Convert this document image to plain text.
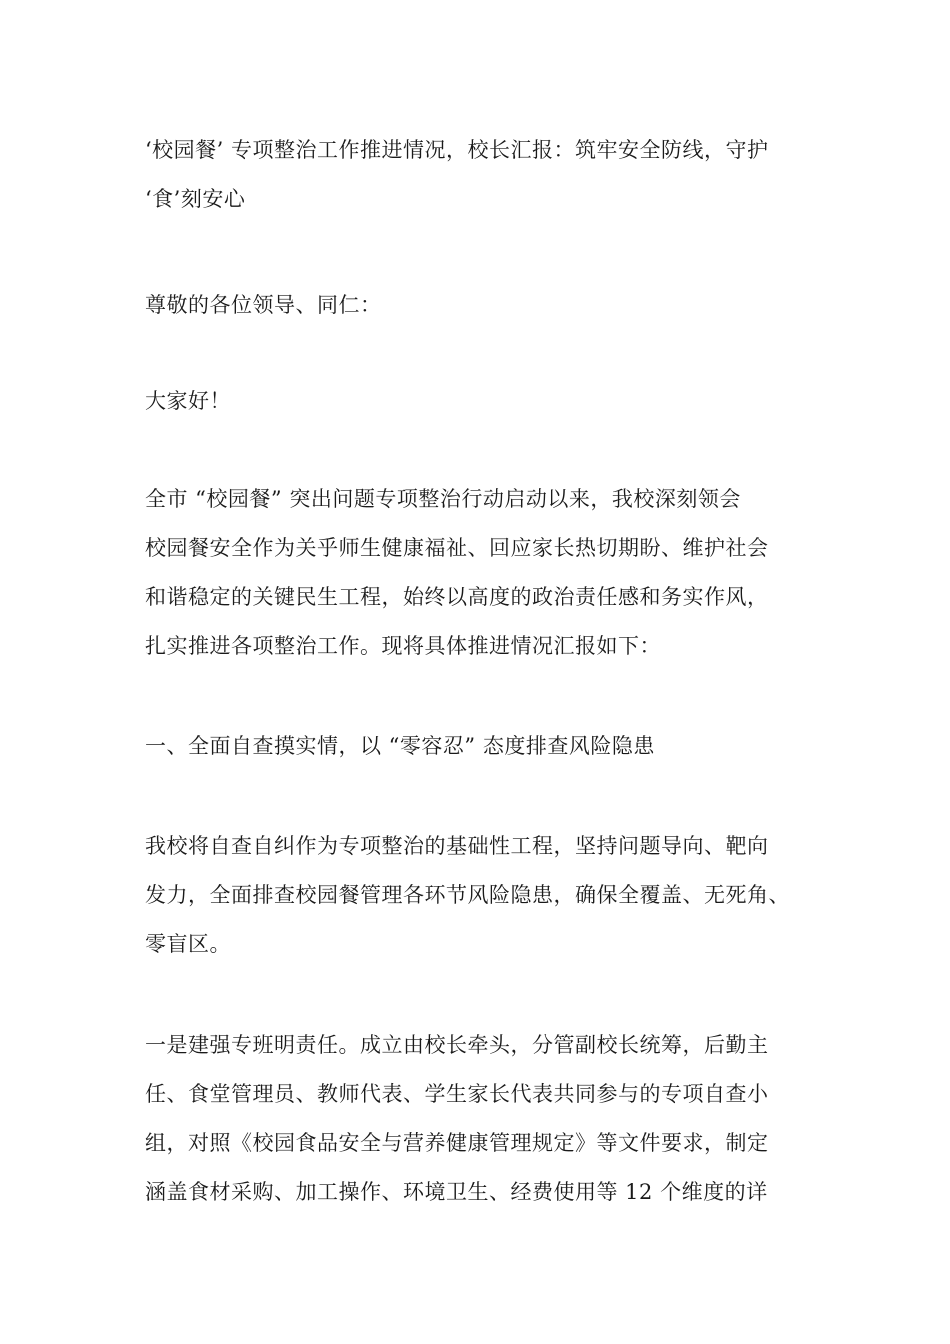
‘校园餐’ 专项整治工作推进情况，校长汇报：筑牢安全防线，守护
‘食’刻安心
尊敬的各位领导、同仁：
大家好！
全市 “校园餐” 突出问题专项整治行动启动以来，我校深刻领会
校园餐安全作为关乎师生健康福祉、回应家长热切期盼、维护社会
和谐稳定的关键民生工程，始终以高度的政治责任感和务实作风，
扎实推进各项整治工作。现将具体推进情况汇报如下：
一、全面自查摸实情，以 “零容忍” 态度排查风险隐患
我校将自查自纠作为专项整治的基础性工程，坚持问题导向、靶向
发力，全面排查校园餐管理各环节风险隐患，确保全覆盖、无死角、
零盲区。
一是建强专班明责任。成立由校长牵头，分管副校长统筹，后勤主
任、食堂管理员、教师代表、学生家长代表共同参与的专项自查小
组，对照《校园食品安全与营养健康管理规定》等文件要求，制定
涵盖食材采购、加工操作、环境卫生、经费使用等 12 个维度的详
